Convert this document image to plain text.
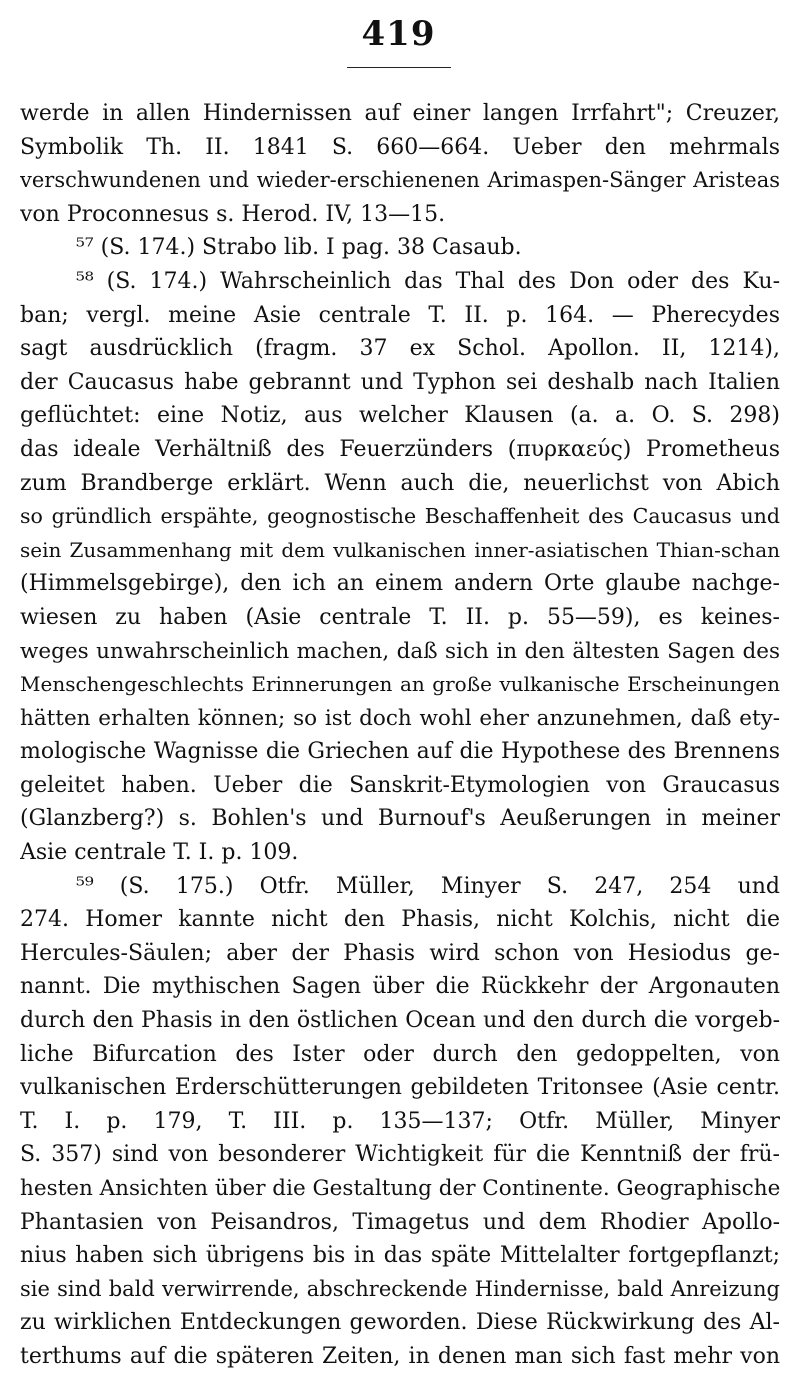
419
werde in allen Hindernissen auf einer langen Irrfahrt"; Creuzer,
Symbolik Th. II. 1841 S. 660—664. Ueber den mehrmals
verschwundenen und wieder-erschienenen Arimaspen-Sänger Aristeas
von Proconnesus s. Herod. IV, 13—15.
⁵⁷ (S. 174.) Strabo lib. I pag. 38 Casaub.
⁵⁸ (S. 174.) Wahrscheinlich das Thal des Don oder des Ku-
ban; vergl. meine Asie centrale T. II. p. 164. — Pherecydes
sagt ausdrücklich (fragm. 37 ex Schol. Apollon. II, 1214),
der Caucasus habe gebrannt und Typhon sei deshalb nach Italien
geflüchtet: eine Notiz, aus welcher Klausen (a. a. O. S. 298)
das ideale Verhältniß des Feuerzünders (πυρκαεύς) Prometheus
zum Brandberge erklärt. Wenn auch die, neuerlichst von Abich
so gründlich erspähte, geognostische Beschaffenheit des Caucasus und
sein Zusammenhang mit dem vulkanischen inner-asiatischen Thian-schan
(Himmelsgebirge), den ich an einem andern Orte glaube nachge-
wiesen zu haben (Asie centrale T. II. p. 55—59), es keines-
weges unwahrscheinlich machen, daß sich in den ältesten Sagen des
Menschengeschlechts Erinnerungen an große vulkanische Erscheinungen
hätten erhalten können; so ist doch wohl eher anzunehmen, daß ety-
mologische Wagnisse die Griechen auf die Hypothese des Brennens
geleitet haben. Ueber die Sanskrit-Etymologien von Graucasus
(Glanzberg?) s. Bohlen's und Burnouf's Aeußerungen in meiner
Asie centrale T. I. p. 109.
⁵⁹ (S. 175.) Otfr. Müller, Minyer S. 247, 254 und
274. Homer kannte nicht den Phasis, nicht Kolchis, nicht die
Hercules-Säulen; aber der Phasis wird schon von Hesiodus ge-
nannt. Die mythischen Sagen über die Rückkehr der Argonauten
durch den Phasis in den östlichen Ocean und den durch die vorgeb-
liche Bifurcation des Ister oder durch den gedoppelten, von
vulkanischen Erderschütterungen gebildeten Tritonsee (Asie centr.
T. I. p. 179, T. III. p. 135—137; Otfr. Müller, Minyer
S. 357) sind von besonderer Wichtigkeit für die Kenntniß der frü-
hesten Ansichten über die Gestaltung der Continente. Geographische
Phantasien von Peisandros, Timagetus und dem Rhodier Apollo-
nius haben sich übrigens bis in das späte Mittelalter fortgepflanzt;
sie sind bald verwirrende, abschreckende Hindernisse, bald Anreizung
zu wirklichen Entdeckungen geworden. Diese Rückwirkung des Al-
terthums auf die späteren Zeiten, in denen man sich fast mehr von
